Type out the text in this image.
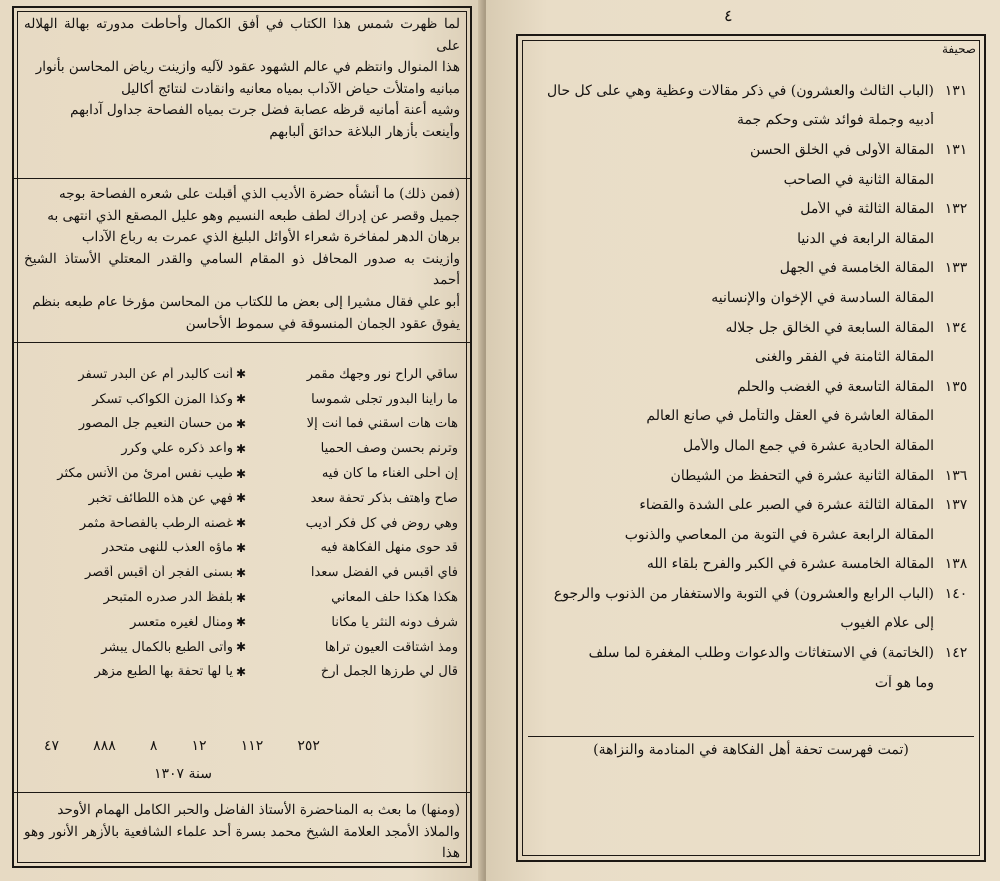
لما ظهرت شمس هذا الكتاب في أفق الكمال وأحاطت مدورته بهالة الهلاله على
هذا المنوال وانتظم في عالم الشهود عقود لآليه وازينت رياض المحاسن بأنوار
مبانيه وامتلأت حياض الآداب بمياه معانيه وانقادت لنتائج أكاليل
وشيه أعنة أمانيه قرظه عصابة فضل جرت بمياه الفصاحة جداول آدابهم
وأينعت بأزهار البلاغة حدائق ألبابهم
(فمن ذلك) ما أنشأه حضرة الأديب الذي أقبلت على شعره الفصاحة بوجه
جميل وقصر عن إدراك لطف طبعه النسيم وهو عليل المصقع الذي انتهى به
برهان الدهر لمفاخرة شعراء الأوائل البليغ الذي عمرت به رباع الآداب
وازينت به صدور المحافل ذو المقام السامي والقدر المعتلي الأستاذ الشيخ أحمد
أبو علي فقال مشيرا إلى بعض ما للكتاب من المحاسن مؤرخا عام طبعه بنظم
يفوق عقود الجمان المنسوقة في سموط الأحاسن
ساقي الراح نور وجهك مقمر
✱
أنت كالبدر أم عن البدر تسفر
ما رأينا البدور تجلى شموسا
✱
وكذا المزن الكواكب تسكر
هات هات اسقني فما أنت إلا
✱
من حسان النعيم جل المصور
وترنم بحسن وصف الحميا
✱
وأعد ذكره علي وكرر
إن أحلى الغناء ما كان فيه
✱
طيب نفس امرئ من الأنس مكثر
صاح واهتف بذكر تحفة سعد
✱
فهي عن هذه اللطائف تخبر
وهي روض في كل فكر أديب
✱
غصنه الرطب بالفصاحة مثمر
قد حوى منهل الفكاهة فيه
✱
ماؤه العذب للنهى متحدر
فأي أقبس في الفضل سعدا
✱
بسنى الفجر أن أقبس أقصر
هكذا هكذا حلف المعاني
✱
بلفظ الدر صدره المتبحر
شرف دونه النثر يا مكانا
✱
ومنال لغيره متعسر
ومذ اشتاقت العيون تراها
✱
وأتى الطبع بالكمال يبشر
قال لي طرزها الجمل أرخ
✱
يا لها تحفة بها الطبع مزهر
٤٧ ٨٨٨ ٨ ١٢ ١١٢ ٢٥٢
سنة ١٣٠٧
(ومنها) ما بعث به المناحضرة الأستاذ الفاضل والحبر الكامل الهمام الأوحد
والملاذ الأمجد العلامة الشيخ محمد بسرة أحد علماء الشافعية بالأزهر الأنور وهو هذا
٤
صحيفة
١٣١
(الباب الثالث والعشرون) في ذكر مقالات وعظية وهي على كل حال
أدبيه وجملة فوائد شتى وحكم جمة
١٣١
المقالة الأولى في الخلق الحسن
المقالة الثانية في الصاحب
١٣٢
المقالة الثالثة في الأمل
المقالة الرابعة في الدنيا
١٣٣
المقالة الخامسة في الجهل
المقالة السادسة في الإخوان والإنسانيه
١٣٤
المقالة السابعة في الخالق جل جلاله
المقالة الثامنة في الفقر والغنى
١٣٥
المقالة التاسعة في الغضب والحلم
المقالة العاشرة في العقل والتأمل في صانع العالم
المقالة الحادية عشرة في جمع المال والأمل
١٣٦
المقالة الثانية عشرة في التحفظ من الشيطان
١٣٧
المقالة الثالثة عشرة في الصبر على الشدة والقضاء
المقالة الرابعة عشرة في التوبة من المعاصي والذنوب
١٣٨
المقالة الخامسة عشرة في الكبر والفرح بلقاء الله
١٤٠
(الباب الرابع والعشرون) في التوبة والاستغفار من الذنوب والرجوع
إلى علام الغيوب
١٤٢
(الخاتمة) في الاستغاثات والدعوات وطلب المغفرة لما سلف
وما هو آت
(تمت فهرست تحفة أهل الفكاهة في المنادمة والنزاهة)
